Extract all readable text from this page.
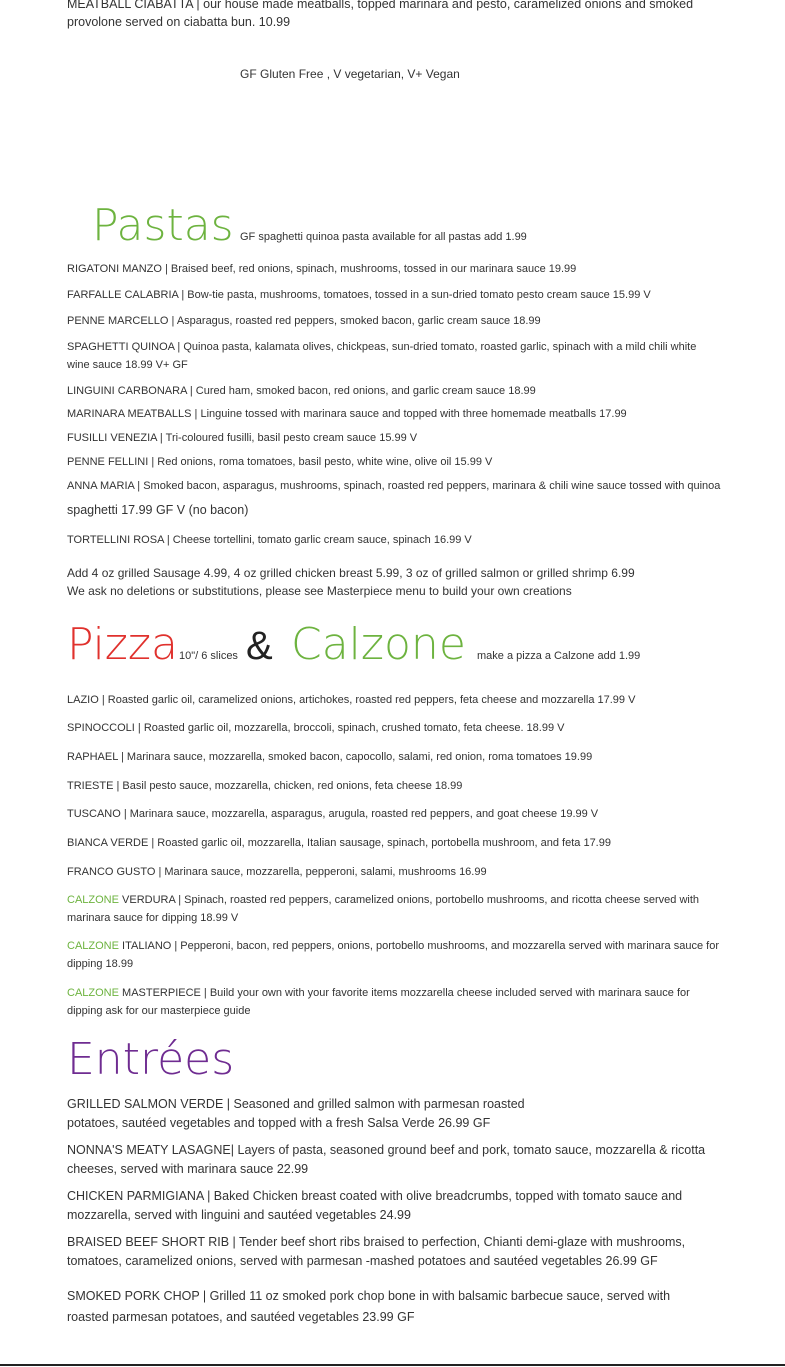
MEATBALL CIABATTA | our house made meatballs, topped marinara and pesto, caramelized onions and smoked
provolone served on ciabatta bun. 10.99
GF Gluten Free , V vegetarian, V+ Vegan
Pastas GF spaghetti quinoa pasta available for all pastas add 1.99
RIGATONI MANZO | Braised beef, red onions, spinach, mushrooms, tossed in our marinara sauce 19.99
FARFALLE CALABRIA | Bow-tie pasta, mushrooms, tomatoes, tossed in a sun-dried tomato pesto cream sauce 15.99 V
PENNE MARCELLO | Asparagus, roasted red peppers, smoked bacon, garlic cream sauce 18.99
SPAGHETTI QUINOA | Quinoa pasta, kalamata olives, chickpeas, sun-dried tomato, roasted garlic, spinach with a mild chili white wine sauce 18.99 V+ GF
LINGUINI CARBONARA | Cured ham, smoked bacon, red onions, and garlic cream sauce 18.99
MARINARA MEATBALLS | Linguine tossed with marinara sauce and topped with three homemade meatballs 17.99
FUSILLI VENEZIA | Tri-coloured fusilli, basil pesto cream sauce 15.99 V
PENNE FELLINI | Red onions, roma tomatoes, basil pesto, white wine, olive oil 15.99 V
ANNA MARIA | Smoked bacon, asparagus, mushrooms, spinach, roasted red peppers, marinara & chili wine sauce tossed with quinoa
spaghetti 17.99 GF V (no bacon)
TORTELLINI ROSA | Cheese tortellini, tomato garlic cream sauce, spinach 16.99 V
Add 4 oz grilled Sausage 4.99, 4 oz grilled chicken breast 5.99, 3 oz of grilled salmon or grilled shrimp 6.99
We ask no deletions or substitutions, please see Masterpiece menu to build your own creations
Pizza 10"/ 6 slices & Calzone make a pizza a Calzone add 1.99
LAZIO | Roasted garlic oil, caramelized onions, artichokes, roasted red peppers, feta cheese and mozzarella 17.99 V
SPINOCCOLI | Roasted garlic oil, mozzarella, broccoli, spinach, crushed tomato, feta cheese. 18.99 V
RAPHAEL | Marinara sauce, mozzarella, smoked bacon, capocollo, salami, red onion, roma tomatoes 19.99
TRIESTE | Basil pesto sauce, mozzarella, chicken, red onions, feta cheese 18.99
TUSCANO | Marinara sauce, mozzarella, asparagus, arugula, roasted red peppers, and goat cheese 19.99 V
BIANCA VERDE | Roasted garlic oil, mozzarella, Italian sausage, spinach, portobella mushroom, and feta 17.99
FRANCO GUSTO | Marinara sauce, mozzarella, pepperoni, salami, mushrooms 16.99
CALZONE VERDURA | Spinach, roasted red peppers, caramelized onions, portobello mushrooms, and ricotta cheese served with marinara sauce for dipping 18.99 V
CALZONE ITALIANO | Pepperoni, bacon, red peppers, onions, portobello mushrooms, and mozzarella served with marinara sauce for dipping 18.99
CALZONE MASTERPIECE | Build your own with your favorite items mozzarella cheese included served with marinara sauce for dipping ask for our masterpiece guide
Entrées
GRILLED SALMON VERDE | Seasoned and grilled salmon with parmesan roasted potatoes, sautéed vegetables and topped with a fresh Salsa Verde 26.99 GF
NONNA'S MEATY LASAGNE| Layers of pasta, seasoned ground beef and pork, tomato sauce, mozzarella & ricotta cheeses, served with marinara sauce 22.99
CHICKEN PARMIGIANA | Baked Chicken breast coated with olive breadcrumbs, topped with tomato sauce and mozzarella, served with linguini and sautéed vegetables 24.99
BRAISED BEEF SHORT RIB | Tender beef short ribs braised to perfection, Chianti demi-glaze with mushrooms, tomatoes, caramelized onions, served with parmesan -mashed potatoes and sautéed vegetables 26.99 GF
SMOKED PORK CHOP | Grilled 11 oz smoked pork chop bone in with balsamic barbecue sauce, served with roasted parmesan potatoes, and sautéed vegetables 23.99 GF
